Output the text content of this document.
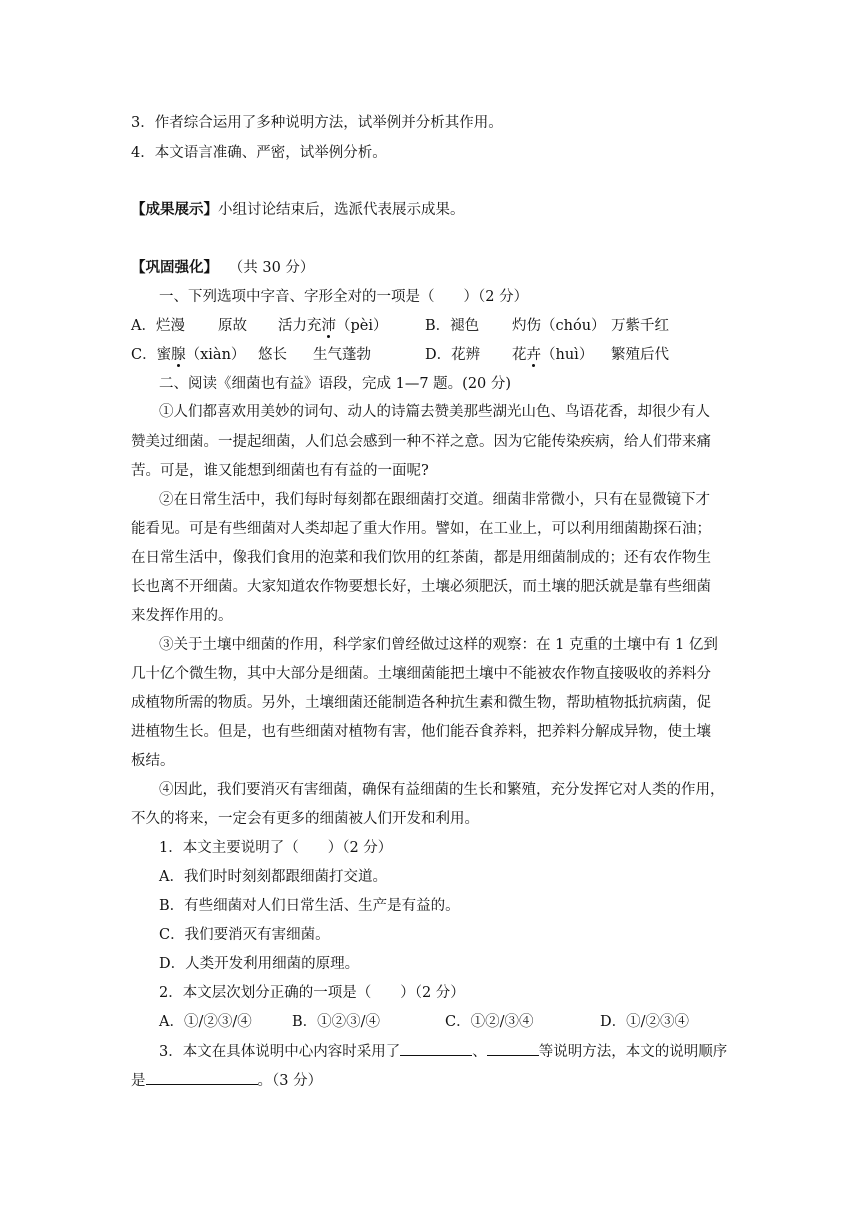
3．作者综合运用了多种说明方法，试举例并分析其作用。
4．本文语言准确、严密，试举例分析。
【成果展示】小组讨论结束后，选派代表展示成果。
【巩固强化】 （共 30 分）
一、下列选项中字音、字形全对的一项是（　　）（2 分）
A．烂漫 原故 活力充沛（pèi）	B．褪色 灼伤（chóu） 万紫千红
C．蜜腺（xiàn） 悠长 生气蓬勃	D．花辨 花卉（huì） 繁殖后代
二、阅读《细菌也有益》语段，完成 1—7 题。(20 分)
①人们都喜欢用美妙的词句、动人的诗篇去赞美那些湖光山色、鸟语花香，却很少有人
赞美过细菌。一提起细菌，人们总会感到一种不祥之意。因为它能传染疾病，给人们带来痛
苦。可是，谁又能想到细菌也有有益的一面呢?
②在日常生活中，我们每时每刻都在跟细菌打交道。细菌非常微小，只有在显微镜下才
能看见。可是有些细菌对人类却起了重大作用。譬如，在工业上，可以利用细菌勘探石油；
在日常生活中，像我们食用的泡菜和我们饮用的红茶菌，都是用细菌制成的；还有农作物生
长也离不开细菌。大家知道农作物要想长好，土壤必须肥沃，而土壤的肥沃就是靠有些细菌
来发挥作用的。
③关于土壤中细菌的作用，科学家们曾经做过这样的观察：在 1 克重的土壤中有 1 亿到
几十亿个微生物，其中大部分是细菌。土壤细菌能把土壤中不能被农作物直接吸收的养料分
成植物所需的物质。另外，土壤细菌还能制造各种抗生素和微生物，帮助植物抵抗病菌，促
进植物生长。但是，也有些细菌对植物有害，他们能吞食养料，把养料分解成异物，使土壤
板结。
④因此，我们要消灭有害细菌，确保有益细菌的生长和繁殖，充分发挥它对人类的作用，
不久的将来，一定会有更多的细菌被人们开发和利用。
1．本文主要说明了（　　）（2 分）
A．我们时时刻刻都跟细菌打交道。
B．有些细菌对人们日常生活、生产是有益的。
C．我们要消灭有害细菌。
D．人类开发利用细菌的原理。
2．本文层次划分正确的一项是（　　）（2 分）
A．①/②③/④	B．①②③/④	C．①②/③④	D．①/②③④
3．本文在具体说明中心内容时采用了	、	等说明方法，本文的说明顺序
是	。（3 分）
